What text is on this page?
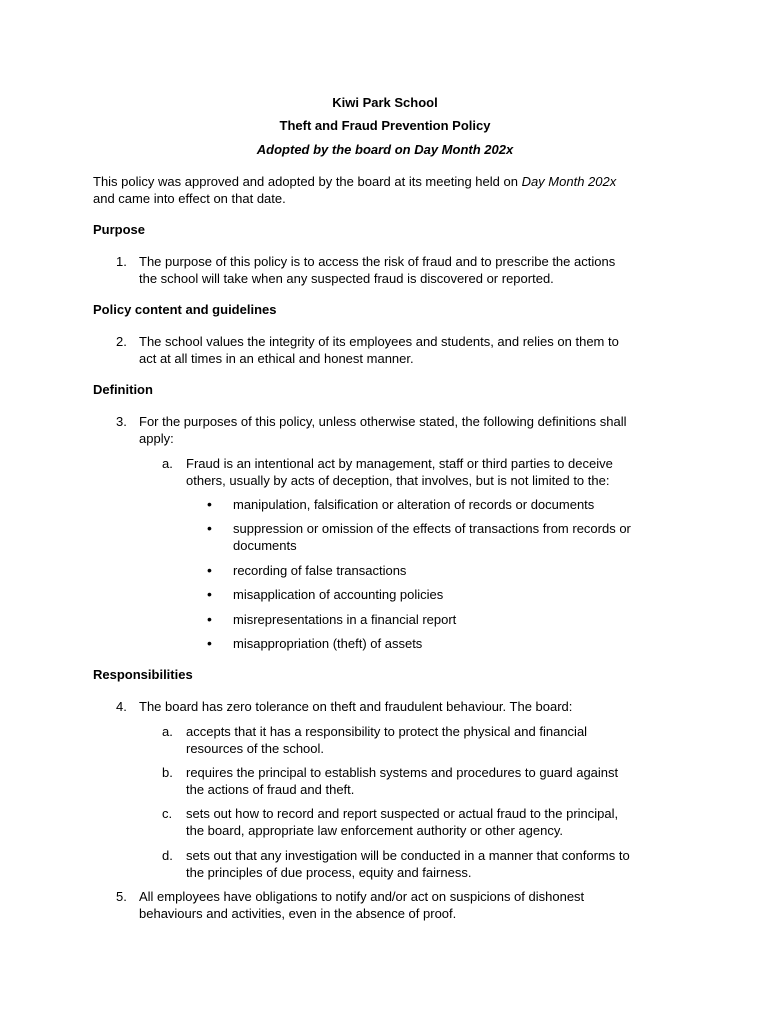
Kiwi Park School
Theft and Fraud Prevention Policy
Adopted by the board on Day Month 202x
This policy was approved and adopted by the board at its meeting held on Day Month 202x
and came into effect on that date.
Purpose
1. The purpose of this policy is to access the risk of fraud and to prescribe the actions
the school will take when any suspected fraud is discovered or reported.
Policy content and guidelines
2. The school values the integrity of its employees and students, and relies on them to
act at all times in an ethical and honest manner.
Definition
3. For the purposes of this policy, unless otherwise stated, the following definitions shall
apply:
a.	Fraud is an intentional act by management, staff or third parties to deceive
others, usually by acts of deception, that involves, but is not limited to the:
•	manipulation, falsification or alteration of records or documents
•	suppression or omission of the effects of transactions from records or
documents
•	recording of false transactions
•	misapplication of accounting policies
•	misrepresentations in a financial report
•	misappropriation (theft) of assets
Responsibilities
4. The board has zero tolerance on theft and fraudulent behaviour. The board:
a.	accepts that it has a responsibility to protect the physical and financial
resources of the school.
b.	requires the principal to establish systems and procedures to guard against
the actions of fraud and theft.
c.	sets out how to record and report suspected or actual fraud to the principal,
the board, appropriate law enforcement authority or other agency.
d.	sets out that any investigation will be conducted in a manner that conforms to
the principles of due process, equity and fairness.
5. All employees have obligations to notify and/or act on suspicions of dishonest
behaviours and activities, even in the absence of proof.
